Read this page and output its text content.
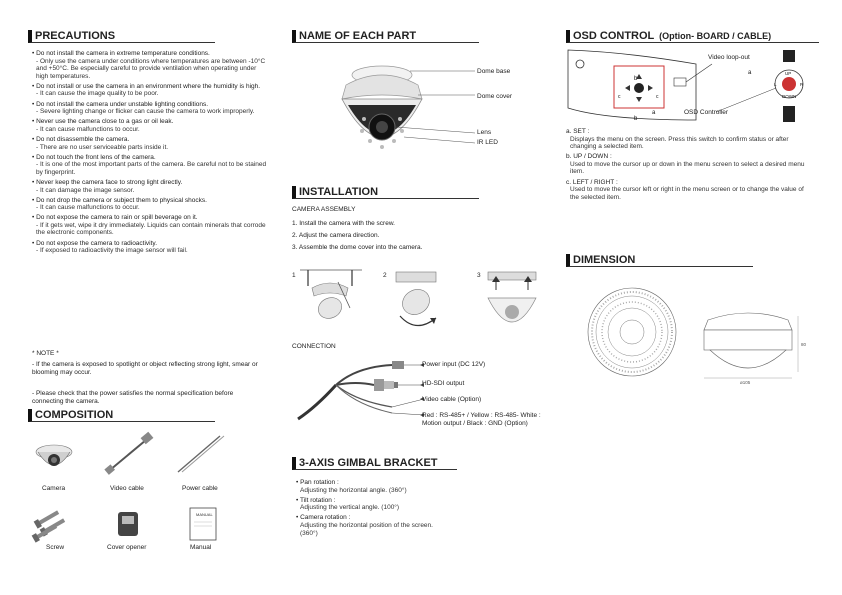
PRECAUTIONS
• Do not install the camera in extreme temperature conditions.
- Only use the camera under conditions where temperatures are between -10°C and +50°C. Be especially careful to provide ventilation when operating under high temperatures.
• Do not install or use the camera in an environment where the humidity is high.
- It can cause the image quality to be poor.
• Do not install the camera under unstable lighting conditions.
- Severe lighting change or flicker can cause the camera to work improperly.
• Never use the camera close to a gas or oil leak.
- It can cause malfunctions to occur.
• Do not disassemble the camera.
- There are no user serviceable parts inside it.
• Do not touch the front lens of the camera.
- It is one of the most important parts of the camera. Be careful not to be stained by fingerprint.
• Never keep the camera face to strong light directly.
- It can damage the image sensor.
• Do not drop the camera or subject them to physical shocks.
- It can cause malfunctions to occur.
• Do not expose the camera to rain or spill beverage on it.
- If it gets wet, wipe it dry immediately. Liquids can contain minerals that corrode the electronic components.
• Do not expose the camera to radioactivity.
- If exposed to radioactivity the image sensor will fail.
* NOTE *
- If the camera is exposed to spotlight or object reflecting strong light, smear or blooming may occur.
- Please check that the power satisfies the normal specification before connecting the camera.
COMPOSITION
MANUAL
Camera	Video cable	Power cable
Screw	Cover opener	Manual
NAME OF EACH PART
Dome base
Dome cover
Lens
IR LED
INSTALLATION
CAMERA ASSEMBLY
1. Install the camera with the screw.
2. Adjust the camera direction.
3. Assemble the dome cover into the camera.
1	2	3
CONNECTION
Power input (DC 12V)
HD-SDI output
Video cable (Option)
Red : RS-485+ / Yellow : RS-485- White : Motion output / Black : GND (Option)
3-AXIS GIMBAL BRACKET
• Pan rotation :
Adjusting the horizontal angle. (360°)
• Tilt rotation :
Adjusting the vertical angle. (100°)
• Camera rotation :
Adjusting the horizontal position of the screen. (360°)
OSD CONTROL (Option- BOARD / CABLE)
b
b
a
c	c
a	UP
DOWN
L	R
Video loop-out
OSD Controller
a. SET :
Displays the menu on the screen. Press this switch to confirm status or after changing a selected item.
b. UP / DOWN :
Used to move the cursor up or down in the menu screen to select a desired menu item.
c. LEFT / RIGHT :
Used to move the cursor left or right in the menu screen or to change the value of the selected item.
DIMENSION
ø105
80
